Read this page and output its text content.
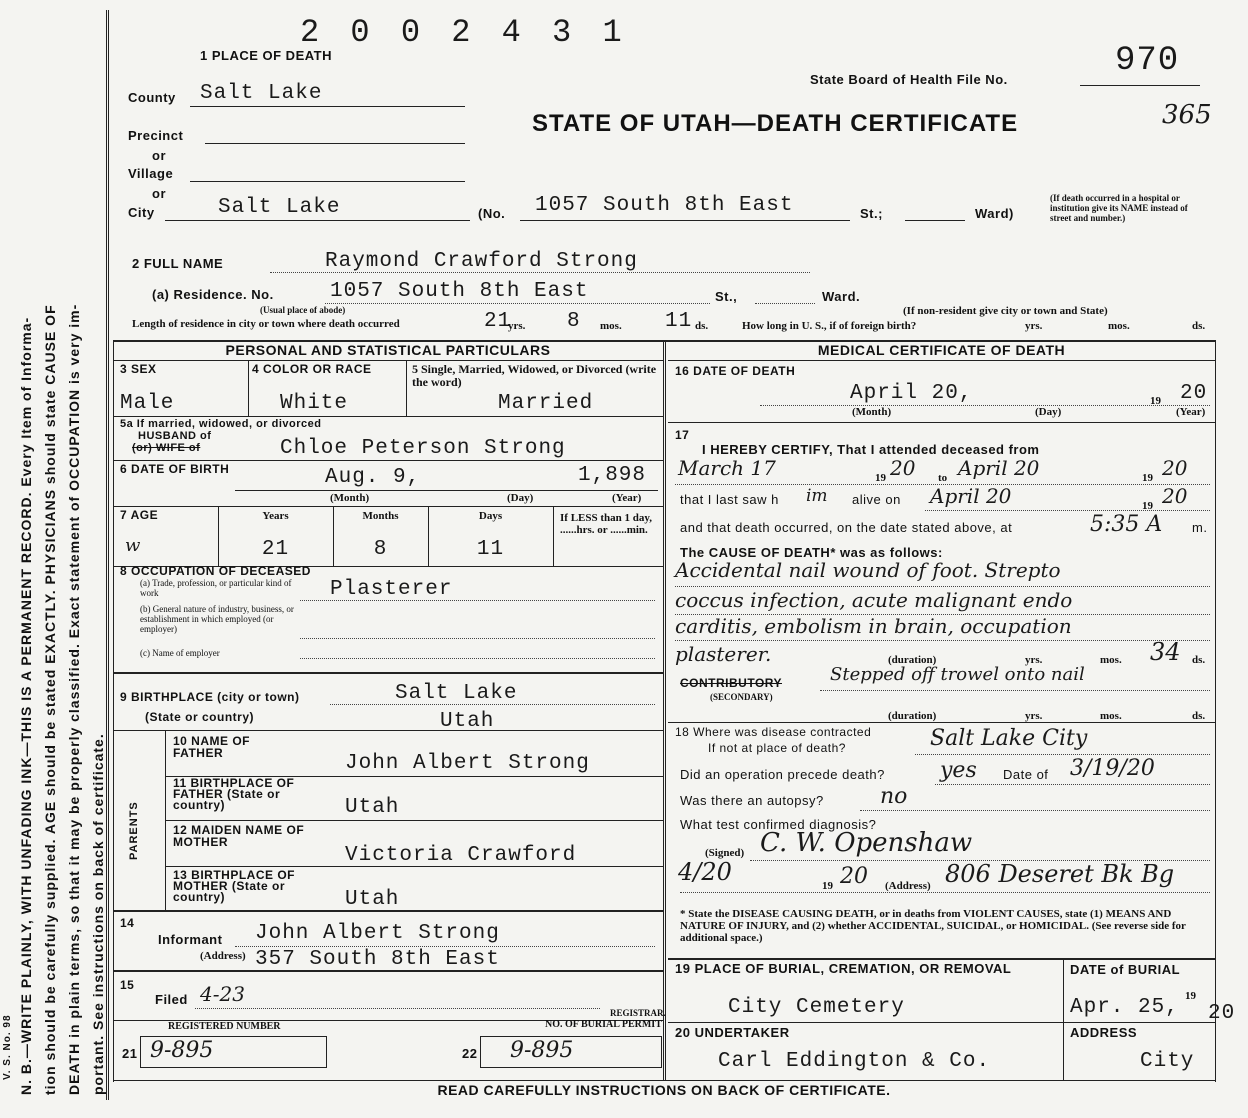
N. B.—WRITE PLAINLY, WITH UNFADING INK—THIS IS A PERMANENT RECORD. Every Item of Informa- tion should be carefully supplied. AGE should be stated EXACTLY. PHYSICIANS should state CAUSE OF DEATH in plain terms, so that it may be properly classified. Exact statement of OCCUPATION is very im- portant. See instructions on back of certificate.
V. S. No. 98
2 0 0 2 4 3 1
1 PLACE OF DEATH
State Board of Health File No.	970
365
STATE OF UTAH—DEATH CERTIFICATE
County Salt Lake
Precinct
or
Village
or
City	Salt Lake	(No. 1057 South 8th East	St.;	Ward)
(If death occurred in a hospital or institution give its NAME instead of street and number.)
2 FULL NAME	Raymond Crawford Strong
(a) Residence. No.	1057 South 8th East	St.,	Ward.
(Usual place of abode)	(If non-resident give city or town and State)
Length of residence in city or town where death occurred	21
yrs. 8 mos. 11 ds.	How long in U. S., if of foreign birth?	yrs.	mos.	ds.
PERSONAL AND STATISTICAL PARTICULARS	MEDICAL CERTIFICATE OF DEATH
3 SEX
Male
4 COLOR OR RACE
White
5 Single, Married, Widowed, or Divorced (write the word)
Married
5a If married, widowed, or divorced
HUSBAND of
(or) WIFE of	Chloe Peterson Strong
6 DATE OF BIRTH	Aug. 9,	1,898
(Month)	(Day)	(Year)
7 AGE
w
Years
21
Months
8
Days
11
If LESS than 1 day, ......hrs. or ......min.
8 OCCUPATION OF DECEASED
(a) Trade, profession, or particular kind of work	Plasterer
(b) General nature of industry, business, or establishment in which employed (or employer)
(c) Name of employer
9 BIRTHPLACE (city or town)	Salt Lake
(State or country)	Utah
PARENTS
10 NAME OF FATHER	John Albert Strong
11 BIRTHPLACE OF FATHER (State or country)	Utah
12 MAIDEN NAME OF MOTHER
Victoria Crawford
13 BIRTHPLACE OF MOTHER (State or country)	Utah
14
Informant John Albert Strong
(Address) 357 South 8th East
15
Filed 4-23
REGISTRAR.
REGISTERED NUMBER	NO. OF BURIAL PERMIT
21 9-895	22 9-895
16 DATE OF DEATH
April 20,	19 20
(Month)	(Day)	(Year)
17
I HEREBY CERTIFY, That I attended deceased from
March 17	19 20 to April 20	19 20
that I last saw h im alive on April 20	19 20
and that death occurred, on the date stated above, at	5:35 A m.
The CAUSE OF DEATH* was as follows:
Accidental nail wound of foot. Strepto
coccus infection, acute malignant endo
carditis, embolism in brain, occupation
plasterer.	(duration)	yrs.	mos. 34 ds.
CONTRIBUTORY
(SECONDARY)
Stepped off trowel onto nail
(duration)	yrs.	mos.	ds.
18 Where was disease contracted
If not at place of death?	Salt Lake City
Did an operation precede death?	yes Date of 3/19/20
Was there an autopsy?	no
What test confirmed diagnosis?
(Signed) C. W. Openshaw
4/20	19 20 (Address) 806 Deseret Bk Bg
* State the DISEASE CAUSING DEATH, or in deaths from VIOLENT CAUSES, state (1) MEANS AND NATURE OF INJURY, and (2) whether ACCIDENTAL, SUICIDAL, or HOMICIDAL. (See reverse side for additional space.)
19 PLACE OF BURIAL, CREMATION, OR REMOVAL
City Cemetery
DATE of BURIAL
Apr. 25, 19
20
20 UNDERTAKER
Carl Eddington & Co.
ADDRESS
City
READ CAREFULLY INSTRUCTIONS ON BACK OF CERTIFICATE.
